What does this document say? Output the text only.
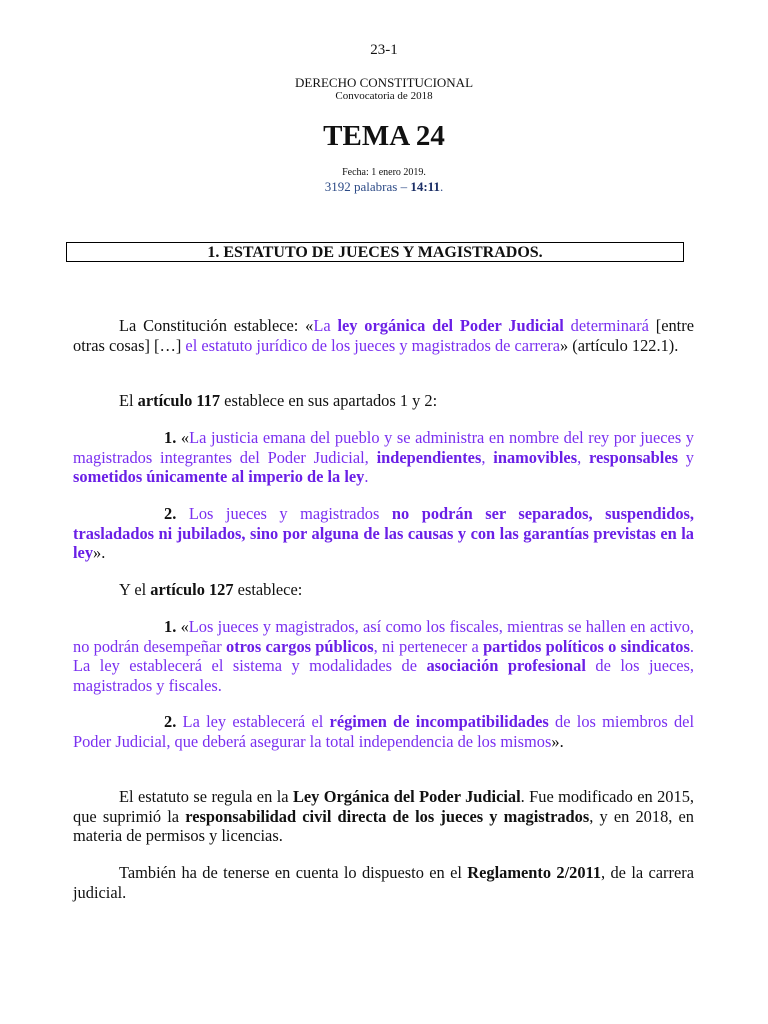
23-1
DERECHO CONSTITUCIONAL
Convocatoria de 2018
TEMA 24
Fecha: 1 enero 2019.
3192 palabras – 14:11.
1. ESTATUTO DE JUECES Y MAGISTRADOS.

La Constitución establece: «La ley orgánica del Poder Judicial determinará [entre otras cosas] […] el estatuto jurídico de los jueces y magistrados de carrera» (artículo 122.1).

El artículo 117 establece en sus apartados 1 y 2:

1. «La justicia emana del pueblo y se administra en nombre del rey por jueces y magistrados integrantes del Poder Judicial, independientes, inamovibles, responsables y sometidos únicamente al imperio de la ley.

2. Los jueces y magistrados no podrán ser separados, suspendidos, trasladados ni jubilados, sino por alguna de las causas y con las garantías previstas en la ley».

Y el artículo 127 establece:

1. «Los jueces y magistrados, así como los fiscales, mientras se hallen en activo, no podrán desempeñar otros cargos públicos, ni pertenecer a partidos políticos o sindicatos. La ley establecerá el sistema y modalidades de asociación profesional de los jueces, magistrados y fiscales.

2. La ley establecerá el régimen de incompatibilidades de los miembros del Poder Judicial, que deberá asegurar la total independencia de los mismos».

El estatuto se regula en la Ley Orgánica del Poder Judicial. Fue modificado en 2015, que suprimió la responsabilidad civil directa de los jueces y magistrados, y en 2018, en materia de permisos y licencias.

También ha de tenerse en cuenta lo dispuesto en el Reglamento 2/2011, de la carrera judicial.
